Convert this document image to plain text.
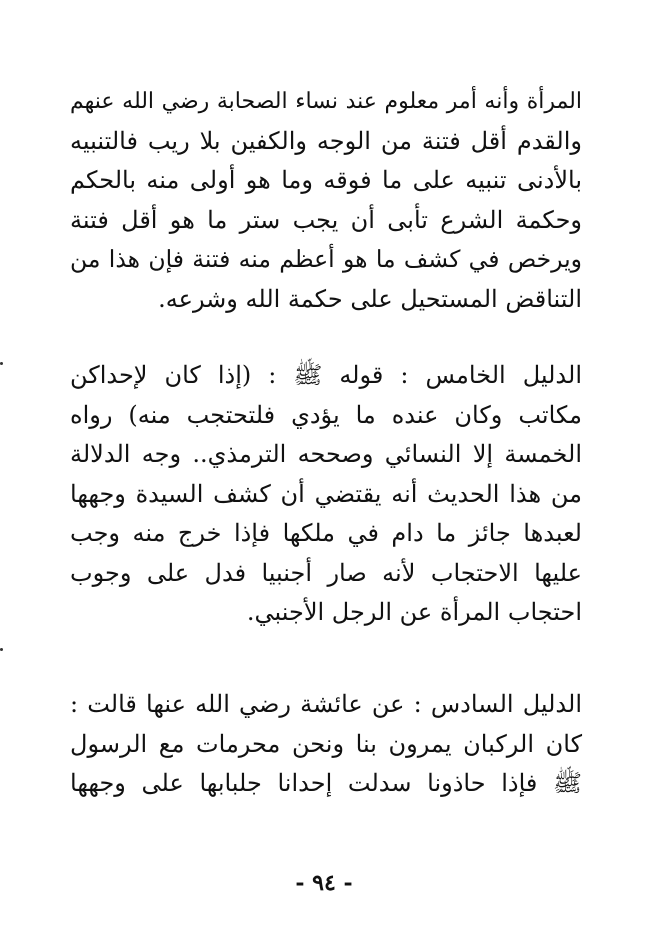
المرأة وأنه أمر معلوم عند نساء الصحابة رضي الله عنهم
والقدم أقل فتنة من الوجه والكفين بلا ريب فالتنبيه
بالأدنى تنبيه على ما فوقه وما هو أولى منه بالحكم
وحكمة الشرع تأبى أن يجب ستر ما هو أقل فتنة
ويرخص في كشف ما هو أعظم منه فتنة فإن هذا من
التناقض المستحيل على حكمة الله وشرعه.

الدليل الخامس : قوله ﷺ : (إذا كان لإحداكن
مكاتب وكان عنده ما يؤدي فلتحتجب منه) رواه
الخمسة إلا النسائي وصححه الترمذي.. وجه الدلالة
من هذا الحديث أنه يقتضي أن كشف السيدة وجهها
لعبدها جائز ما دام في ملكها فإذا خرج منه وجب
عليها الاحتجاب لأنه صار أجنبيا فدل على وجوب
احتجاب المرأة عن الرجل الأجنبي.

الدليل السادس : عن عائشة رضي الله عنها قالت :
كان الركبان يمرون بنا ونحن محرمات مع الرسول
ﷺ فإذا حاذونا سدلت إحدانا جلبابها على وجهها

- ٩٤ -
